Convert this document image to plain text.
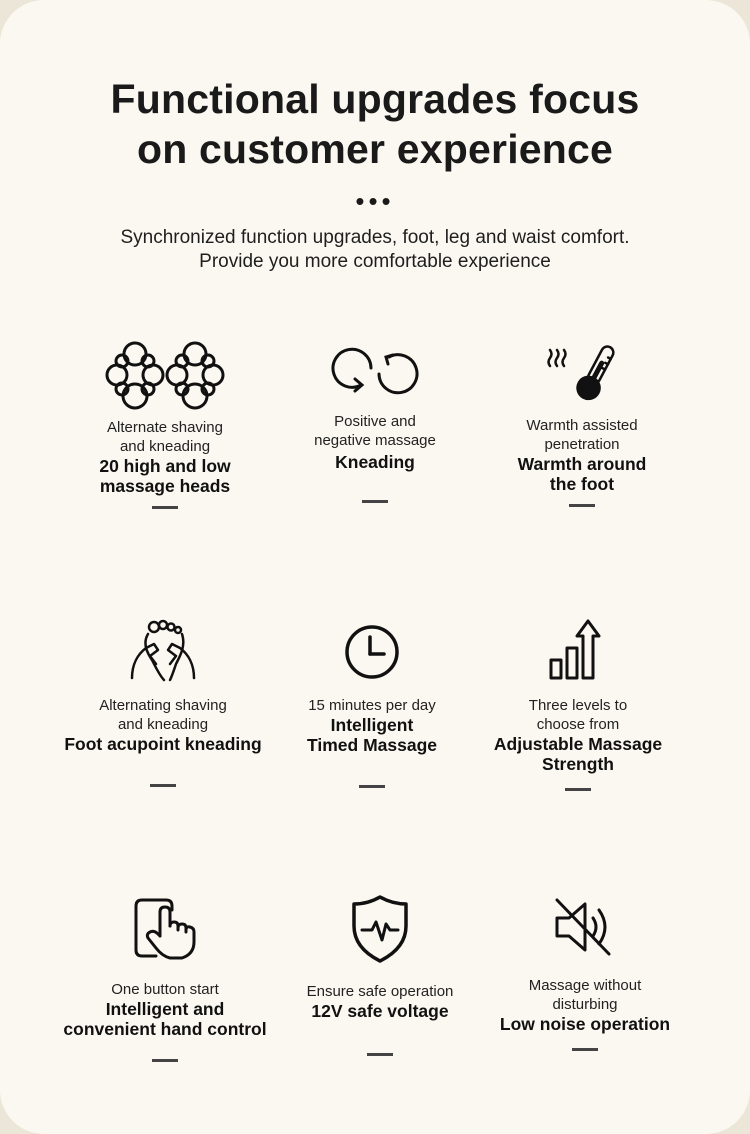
Functional upgrades focus
on customer experience
•••
Synchronized function upgrades, foot, leg and waist comfort.
Provide you more comfortable experience
Alternate shaving
and kneading
20 high and low
massage heads
Positive and
negative massage
Kneading
Warmth assisted
penetration
Warmth around
the foot
Alternating shaving
and kneading
Foot acupoint kneading
15 minutes per day
Intelligent
Timed Massage
Three levels to
choose from
Adjustable Massage
Strength
One button start
Intelligent and
convenient hand control
Ensure safe operation
12V safe voltage
Massage without
disturbing
Low noise operation
